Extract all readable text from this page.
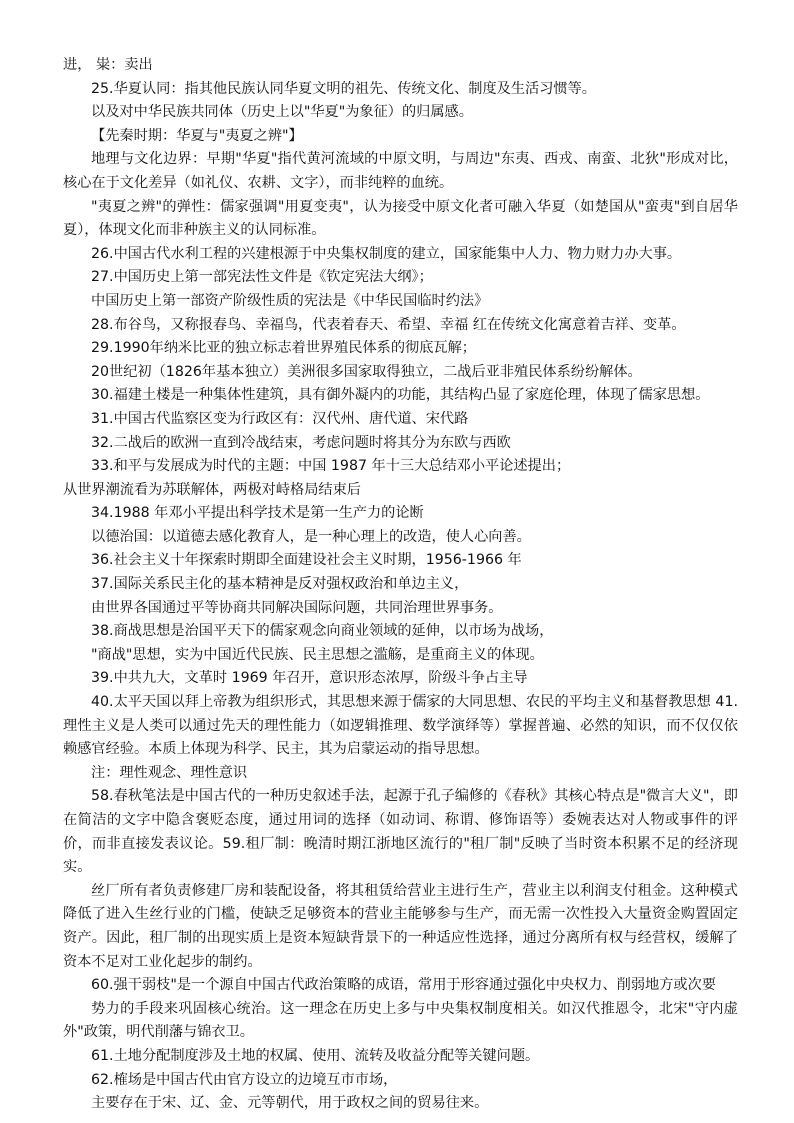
进， 粜：卖出

25.华夏认同：指其他民族认同华夏文明的祖先、传统文化、制度及生活习惯等。

以及对中华民族共同体（历史上以"华夏"为象征）的归属感。

【先秦时期：华夏与"夷夏之辨"】

地理与文化边界：早期"华夏"指代黄河流域的中原文明，与周边"东夷、西戎、南蛮、北狄"形成对比，核心在于文化差异（如礼仪、农耕、文字），而非纯粹的血统。

"夷夏之辨"的弹性：儒家强调"用夏变夷"，认为接受中原文化者可融入华夏（如楚国从"蛮夷"到自居华夏），体现文化而非种族主义的认同标准。

26.中国古代水利工程的兴建根源于中央集权制度的建立，国家能集中人力、物力财力办大事。

27.中国历史上第一部宪法性文件是《钦定宪法大纲》；

中国历史上第一部资产阶级性质的宪法是《中华民国临时约法》

28.布谷鸟，又称报春鸟、幸福鸟，代表着春天、希望、幸福 红在传统文化寓意着吉祥、变革。

29.1990年纳米比亚的独立标志着世界殖民体系的彻底瓦解；

20世纪初（1826年基本独立）美洲很多国家取得独立，二战后亚非殖民体系纷纷解体。

30.福建土楼是一种集体性建筑，具有御外凝内的功能，其结构凸显了家庭伦理，体现了儒家思想。

31.中国古代监察区变为行政区有：汉代州、唐代道、宋代路

32.二战后的欧洲一直到冷战结束，考虑问题时将其分为东欧与西欧

33.和平与发展成为时代的主题：中国 1987 年十三大总结邓小平论述提出；

从世界潮流看为苏联解体，两极对峙格局结束后

34.1988 年邓小平提出科学技术是第一生产力的论断

以德治国：以道德去感化教育人，是一种心理上的改造，使人心向善。

36.社会主义十年探索时期即全面建设社会主义时期，1956-1966 年

37.国际关系民主化的基本精神是反对强权政治和单边主义，

由世界各国通过平等协商共同解决国际问题，共同治理世界事务。

38.商战思想是治国平天下的儒家观念向商业领域的延伸，以市场为战场，

"商战"思想，实为中国近代民族、民主思想之滥觞，是重商主义的体现。

39.中共九大，文革时 1969 年召开，意识形态浓厚，阶级斗争占主导

40.太平天国以拜上帝教为组织形式，其思想来源于儒家的大同思想、农民的平均主义和基督教思想 41.理性主义是人类可以通过先天的理性能力（如逻辑推理、数学演绎等）掌握普遍、必然的知识，而不仅仅依赖感官经验。本质上体现为科学、民主，其为启蒙运动的指导思想。

注：理性观念、理性意识

58.春秋笔法是中国古代的一种历史叙述手法，起源于孔子编修的《春秋》其核心特点是"微言大义"，即在简洁的文字中隐含褒贬态度，通过用词的选择（如动词、称谓、修饰语等）委婉表达对人物或事件的评价，而非直接发表议论。59.租厂制：晚清时期江浙地区流行的"租厂制"反映了当时资本积累不足的经济现实。

丝厂所有者负责修建厂房和装配设备，将其租赁给营业主进行生产，营业主以利润支付租金。这种模式降低了进入生丝行业的门槛，使缺乏足够资本的营业主能够参与生产，而无需一次性投入大量资金购置固定资产。因此，租厂制的出现实质上是资本短缺背景下的一种适应性选择，通过分离所有权与经营权，缓解了资本不足对工业化起步的制约。

60.强干弱枝"是一个源自中国古代政治策略的成语，常用于形容通过强化中央权力、削弱地方或次要

势力的手段来巩固核心统治。这一理念在历史上多与中央集权制度相关。如汉代推恩令，北宋"守内虚外"政策，明代削藩与锦衣卫。

61.土地分配制度涉及土地的权属、使用、流转及收益分配等关键问题。

62.榷场是中国古代由官方设立的边境互市市场，

主要存在于宋、辽、金、元等朝代，用于政权之间的贸易往来。
